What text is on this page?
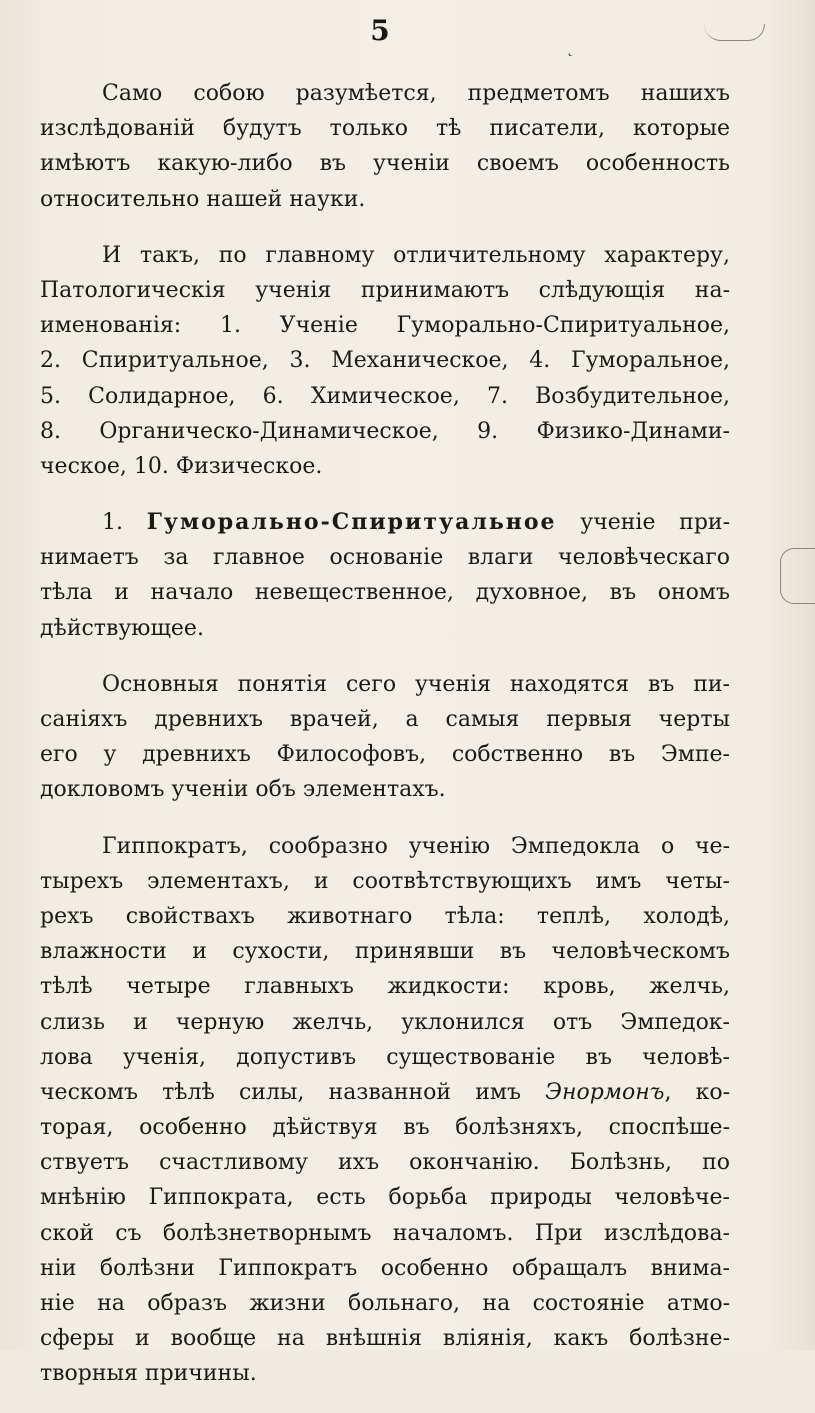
5
˛
Само собою разумѣется, предметомъ нашихъ
изслѣдованій будутъ только тѣ писатели, которые
имѣютъ какую-либо въ ученіи своемъ особенность
относительно нашей науки.
И такъ, по главному отличительному характеру,
Патологическія ученія принимаютъ слѣдующія на-
именованія: 1. Ученіе Гуморально-Спиритуальное,
2. Спиритуальное, 3. Механическое, 4. Гуморальное,
5. Солидарное, 6. Химическое, 7. Возбудительное,
8. Органическо-Динамическое, 9. Физико-Динами-
ческое, 10. Физическое.
1. Гуморально-Спиритуальное ученіе при-
нимаетъ за главное основаніе влаги человѣческаго
тѣла и начало невещественное, духовное, въ ономъ
дѣйствующее.
Основныя понятія сего ученія находятся въ пи-
саніяхъ древнихъ врачей, а самыя первыя черты
его у древнихъ Философовъ, собственно въ Эмпе-
докловомъ ученіи объ элементахъ.
Гиппократъ, сообразно ученію Эмпедокла о че-
тырехъ элементахъ, и соотвѣтствующихъ имъ четы-
рехъ свойствахъ животнаго тѣла: теплѣ, холодѣ,
влажности и сухости, принявши въ человѣческомъ
тѣлѣ четыре главныхъ жидкости: кровь, желчь,
слизь и черную желчь, уклонился отъ Эмпедок-
лова ученія, допустивъ существованіе въ человѣ-
ческомъ тѣлѣ силы, названной имъ Энормонъ, ко-
торая, особенно дѣйствуя въ болѣзняхъ, споспѣше-
ствуетъ счастливому ихъ окончанію. Болѣзнь, по
мнѣнію Гиппократа, есть борьба природы человѣче-
ской съ болѣзнетворнымъ началомъ. При изслѣдова-
ніи болѣзни Гиппократъ особенно обращалъ внима-
ніе на образъ жизни больнаго, на состояніе атмо-
сферы и вообще на внѣшнія вліянія, какъ болѣзне-
творныя причины.
